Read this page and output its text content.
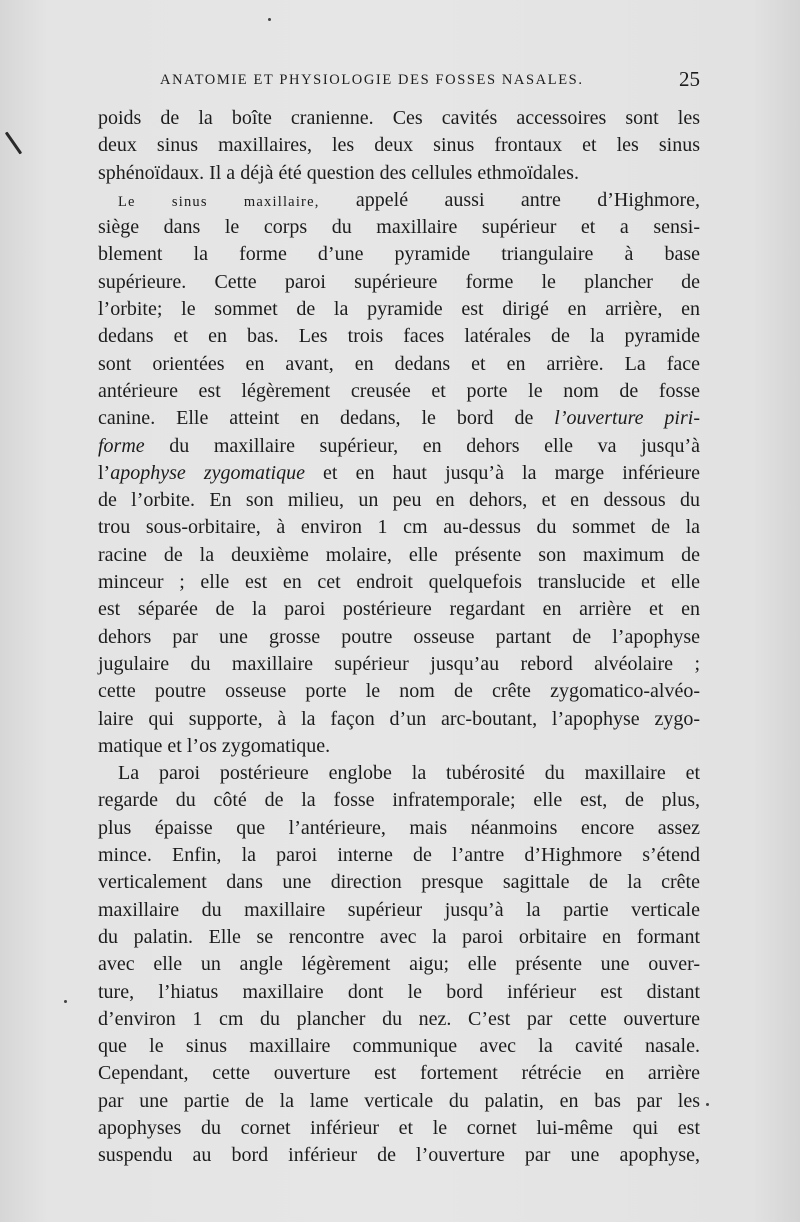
ANATOMIE ET PHYSIOLOGIE DES FOSSES NASALES.	25
poids de la boîte cranienne. Ces cavités accessoires sont les
deux sinus maxillaires, les deux sinus frontaux et les sinus
sphénoïdaux. Il a déjà été question des cellules ethmoïdales.
Le sinus maxillaire, appelé aussi antre d’Highmore,
siège dans le corps du maxillaire supérieur et a sensi-
blement la forme d’une pyramide triangulaire à base
supérieure. Cette paroi supérieure forme le plancher de
l’orbite; le sommet de la pyramide est dirigé en arrière, en
dedans et en bas. Les trois faces latérales de la pyramide
sont orientées en avant, en dedans et en arrière. La face
antérieure est légèrement creusée et porte le nom de fosse
canine. Elle atteint en dedans, le bord de l’ouverture piri-
forme du maxillaire supérieur, en dehors elle va jusqu’à
l’apophyse zygomatique et en haut jusqu’à la marge inférieure
de l’orbite. En son milieu, un peu en dehors, et en dessous du
trou sous-orbitaire, à environ 1 cm au-dessus du sommet de la
racine de la deuxième molaire, elle présente son maximum de
minceur ; elle est en cet endroit quelquefois translucide et elle
est séparée de la paroi postérieure regardant en arrière et en
dehors par une grosse poutre osseuse partant de l’apophyse
jugulaire du maxillaire supérieur jusqu’au rebord alvéolaire ;
cette poutre osseuse porte le nom de crête zygomatico-alvéo-
laire qui supporte, à la façon d’un arc-boutant, l’apophyse zygo-
matique et l’os zygomatique.
La paroi postérieure englobe la tubérosité du maxillaire et
regarde du côté de la fosse infratemporale; elle est, de plus,
plus épaisse que l’antérieure, mais néanmoins encore assez
mince. Enfin, la paroi interne de l’antre d’Highmore s’étend
verticalement dans une direction presque sagittale de la crête
maxillaire du maxillaire supérieur jusqu’à la partie verticale
du palatin. Elle se rencontre avec la paroi orbitaire en formant
avec elle un angle légèrement aigu; elle présente une ouver-
ture, l’hiatus maxillaire dont le bord inférieur est distant
d’environ 1 cm du plancher du nez. C’est par cette ouverture
que le sinus maxillaire communique avec la cavité nasale.
Cependant, cette ouverture est fortement rétrécie en arrière
par une partie de la lame verticale du palatin, en bas par les
apophyses du cornet inférieur et le cornet lui-même qui est
suspendu au bord inférieur de l’ouverture par une apophyse,
